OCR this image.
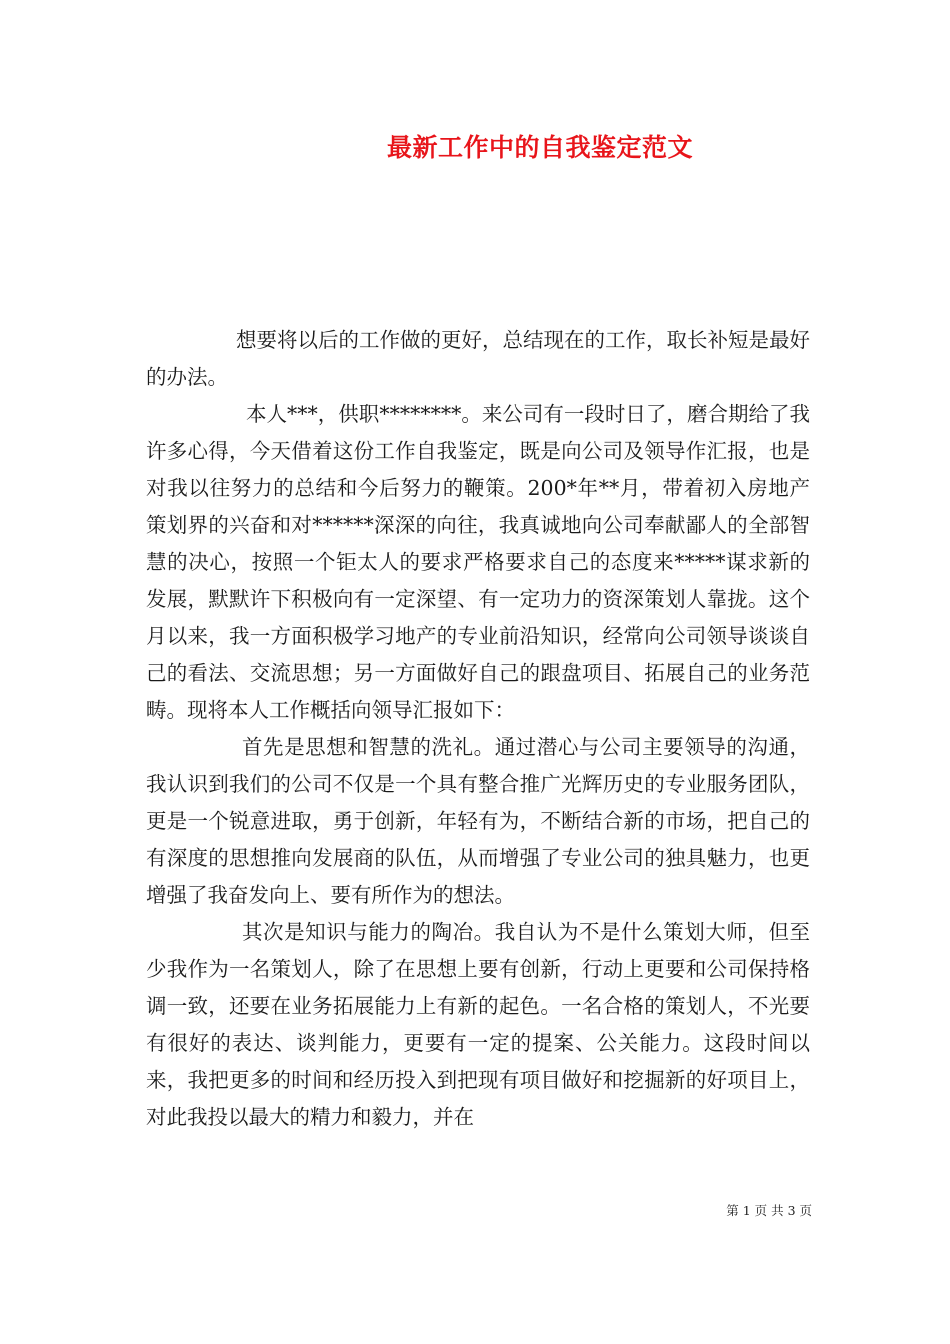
最新工作中的自我鉴定范文

想要将以后的工作做的更好，总结现在的工作，取长补短是最好的办法。

本人***，供职********。来公司有一段时日了，磨合期给了我许多心得，今天借着这份工作自我鉴定，既是向公司及领导作汇报，也是对我以往努力的总结和今后努力的鞭策。200*年**月，带着初入房地产策划界的兴奋和对******深深的向往，我真诚地向公司奉献鄙人的全部智慧的决心，按照一个钜太人的要求严格要求自己的态度来*****谋求新的发展，默默许下积极向有一定深望、有一定功力的资深策划人靠拢。这个月以来，我一方面积极学习地产的专业前沿知识，经常向公司领导谈谈自己的看法、交流思想；另一方面做好自己的跟盘项目、拓展自己的业务范畴。现将本人工作概括向领导汇报如下：

首先是思想和智慧的洗礼。通过潜心与公司主要领导的沟通，我认识到我们的公司不仅是一个具有整合推广光辉历史的专业服务团队，更是一个锐意进取，勇于创新，年轻有为，不断结合新的市场，把自己的有深度的思想推向发展商的队伍，从而增强了专业公司的独具魅力，也更增强了我奋发向上、要有所作为的想法。

其次是知识与能力的陶冶。我自认为不是什么策划大师，但至少我作为一名策划人，除了在思想上要有创新，行动上更要和公司保持格调一致，还要在业务拓展能力上有新的起色。一名合格的策划人，不光要有很好的表达、谈判能力，更要有一定的提案、公关能力。这段时间以来，我把更多的时间和经历投入到把现有项目做好和挖掘新的好项目上，对此我投以最大的精力和毅力，并在

第 1 页 共 3 页
